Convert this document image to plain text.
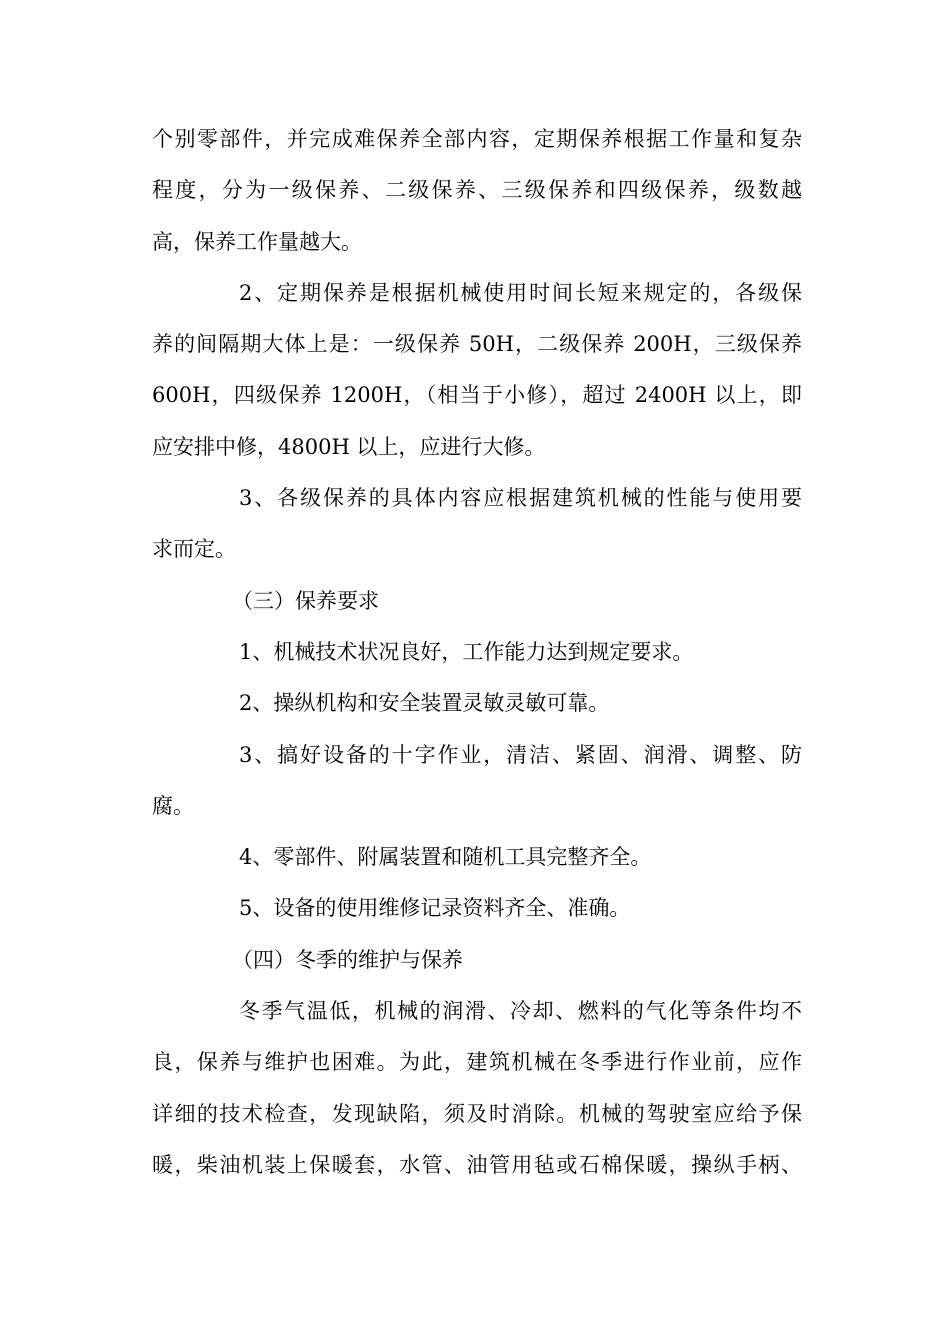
个别零部件，并完成难保养全部内容，定期保养根据工作量和复杂
程度，分为一级保养、二级保养、三级保养和四级保养，级数越
高，保养工作量越大。
2、定期保养是根据机械使用时间长短来规定的，各级保
养的间隔期大体上是：一级保养 50H，二级保养 200H，三级保养
600H，四级保养 1200H，（相当于小修），超过 2400H 以上，即
应安排中修，4800H 以上，应进行大修。
3、各级保养的具体内容应根据建筑机械的性能与使用要
求而定。
（三）保养要求
1、机械技术状况良好，工作能力达到规定要求。
2、操纵机构和安全装置灵敏灵敏可靠。
3、搞好设备的十字作业，清洁、紧固、润滑、调整、防
腐。
4、零部件、附属装置和随机工具完整齐全。
5、设备的使用维修记录资料齐全、准确。
（四）冬季的维护与保养
冬季气温低，机械的润滑、冷却、燃料的气化等条件均不
良，保养与维护也困难。为此，建筑机械在冬季进行作业前，应作
详细的技术检查，发现缺陷，须及时消除。机械的驾驶室应给予保
暖，柴油机装上保暖套，水管、油管用毡或石棉保暖，操纵手柄、
